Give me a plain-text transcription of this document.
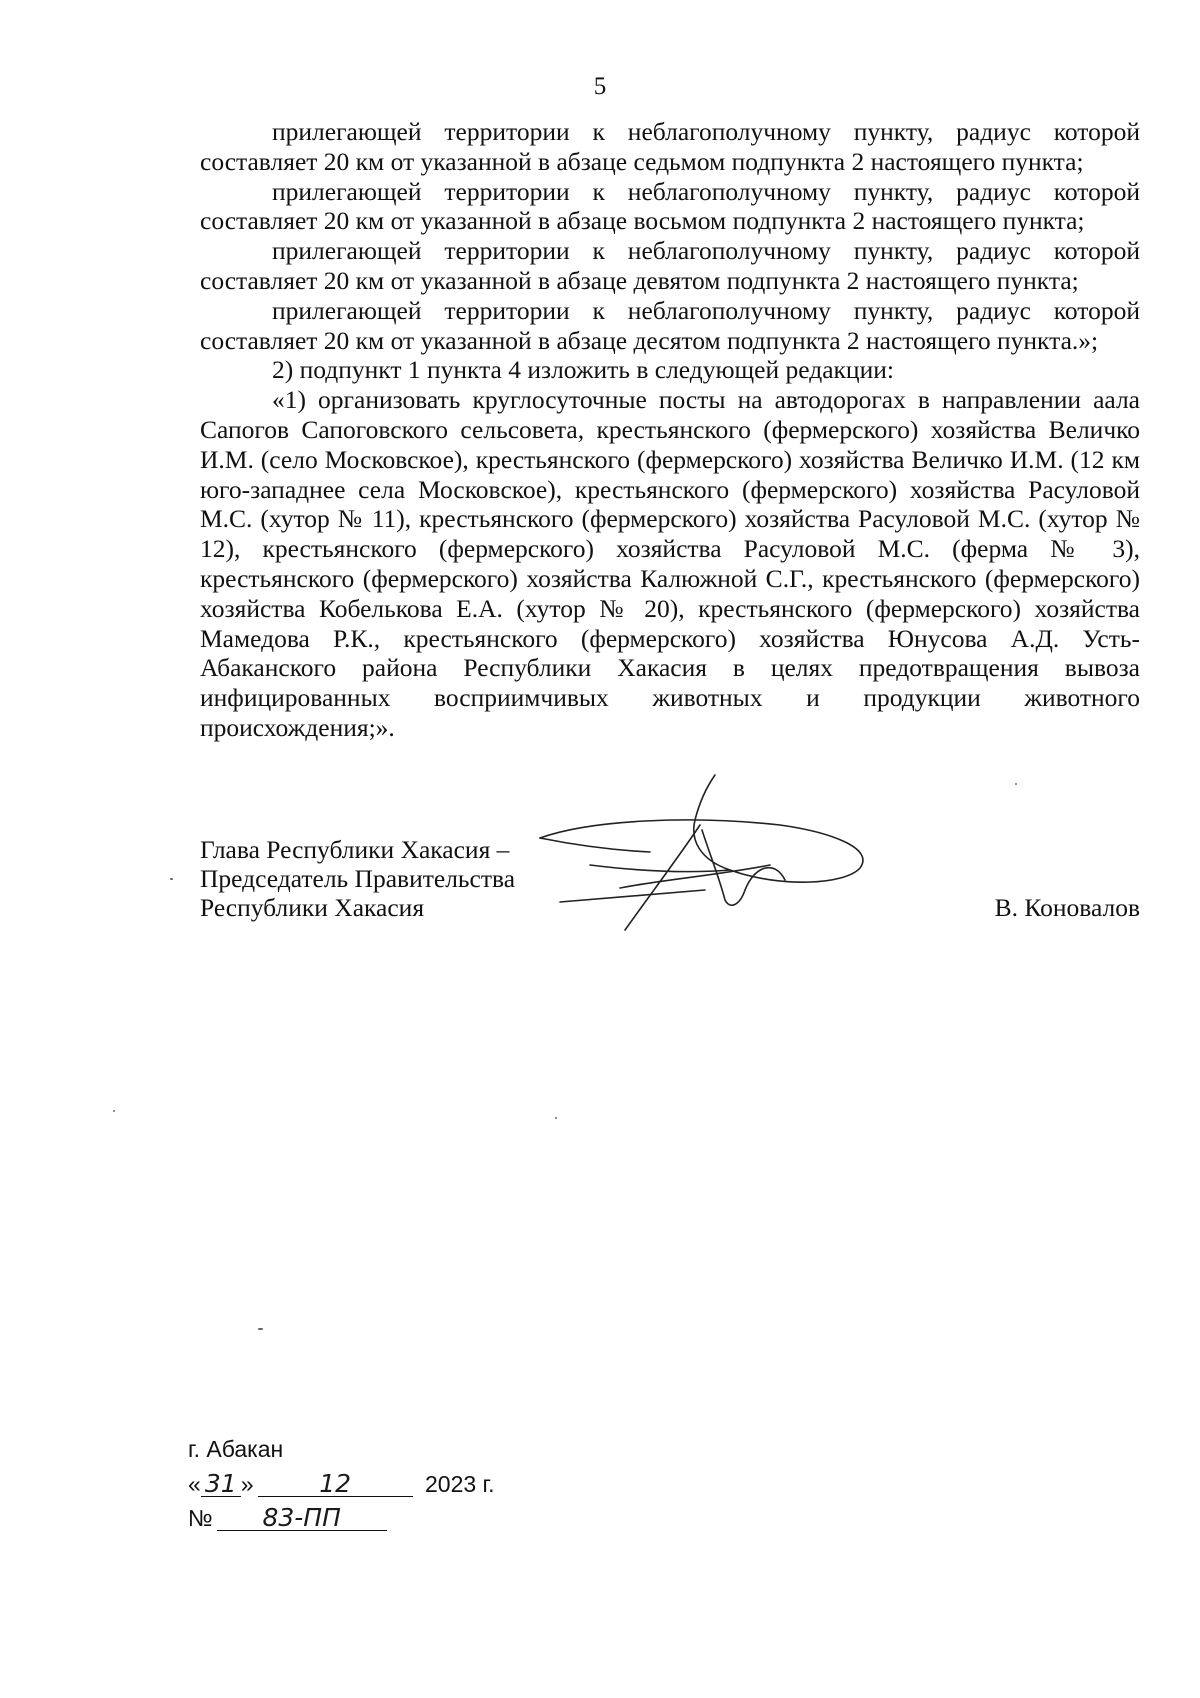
5

прилегающей территории к неблагополучному пункту, радиус которой составляет 20 км от указанной в абзаце седьмом подпункта 2 настоящего пункта;

прилегающей территории к неблагополучному пункту, радиус которой составляет 20 км от указанной в абзаце восьмом подпункта 2 настоящего пункта;

прилегающей территории к неблагополучному пункту, радиус которой составляет 20 км от указанной в абзаце девятом подпункта 2 настоящего пункта;

прилегающей территории к неблагополучному пункту, радиус которой составляет 20 км от указанной в абзаце десятом подпункта 2 настоящего пункта.»;

2) подпункт 1 пункта 4 изложить в следующей редакции:

«1) организовать круглосуточные посты на автодорогах в направлении аала Сапогов Сапоговского сельсовета, крестьянского (фермерского) хозяйства Величко И.М. (село Московское), крестьянского (фермерского) хозяйства Величко И.М. (12 км юго-западнее села Московское), крестьянского (фермерского) хозяйства Расуловой М.С. (хутор № 11), крестьянского (фермерского) хозяйства Расуловой М.С. (хутор № 12), крестьянского (фермерского) хозяйства Расуловой М.С. (ферма № 3), крестьянского (фермерского) хозяйства Калюжной С.Г., крестьянского (фермерского) хозяйства Кобелькова Е.А. (хутор № 20), крестьянского (фермерского) хозяйства Мамедова Р.К., крестьянского (фермерского) хозяйства Юнусова А.Д. Усть-Абаканского района Республики Хакасия в целях предотвращения вывоза инфицированных восприимчивых животных и продукции животного происхождения;».

Глава Республики Хакасия –
Председатель Правительства
Республики Хакасия	В. Коновалов
г. Абакан
« 31 »	12	2023 г.
№ 83-ПП
